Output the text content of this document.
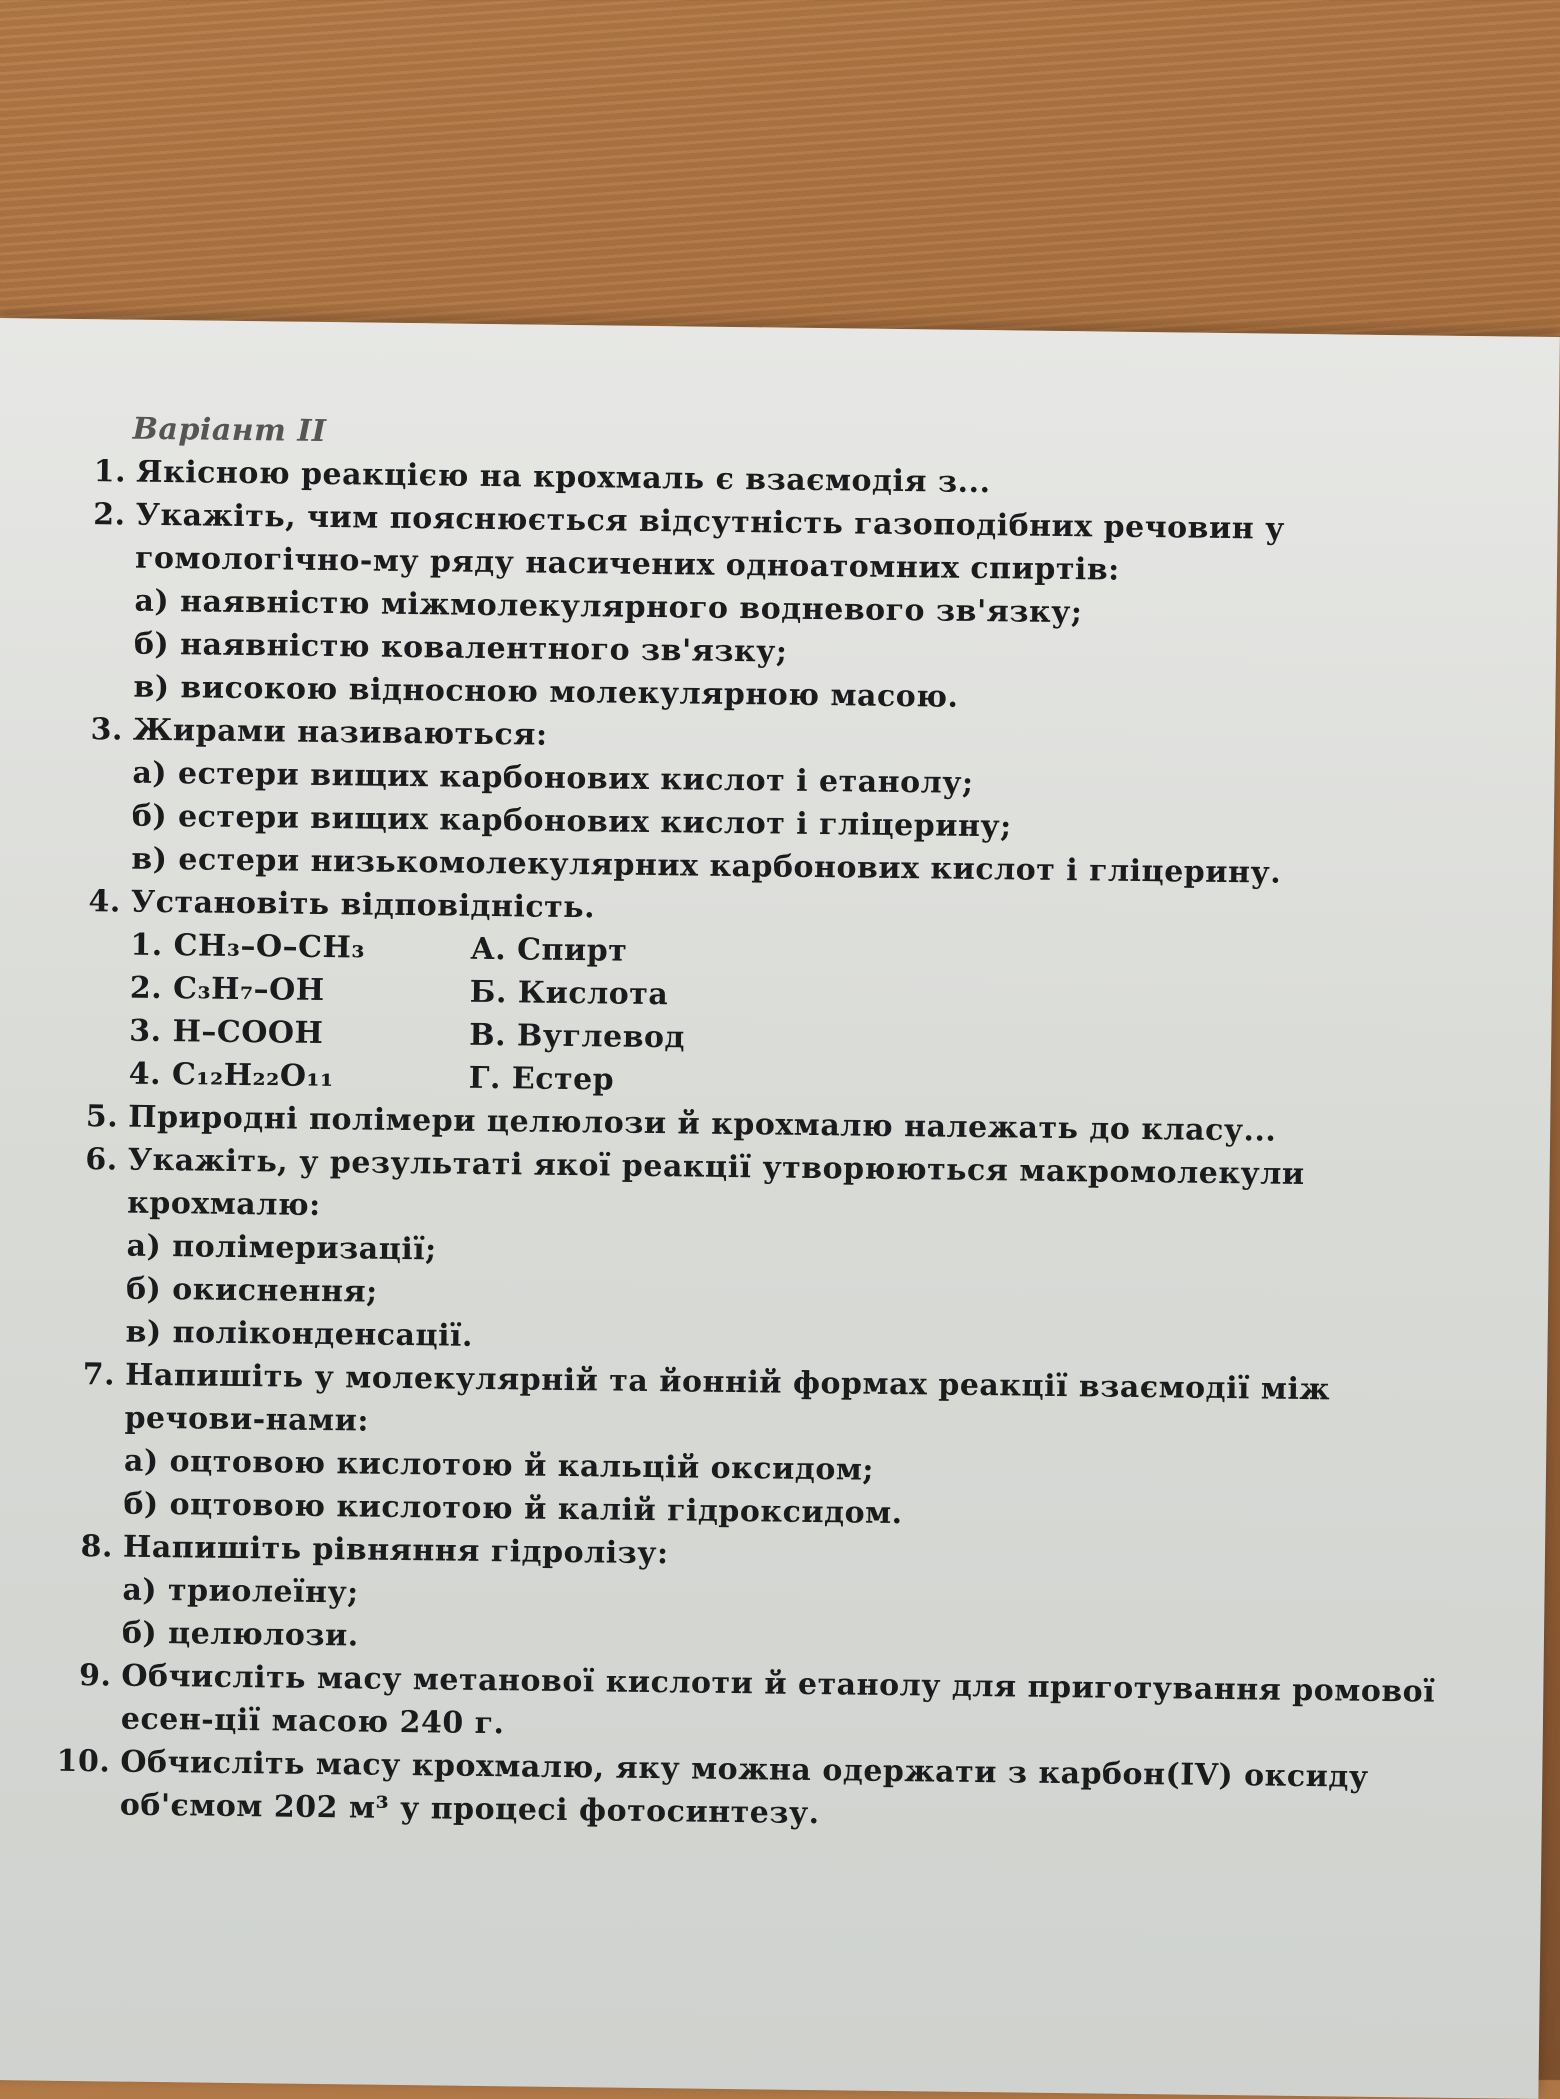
Варіант II
1. Якісною реакцією на крохмаль є взаємодія з...
2. Укажіть, чим пояснюється відсутність газоподібних речовин у гомологічно-му ряду насичених одноатомних спиртів:
а) наявністю міжмолекулярного водневого зв'язку;
б) наявністю ковалентного зв'язку;
в) високою відносною молекулярною масою.
3. Жирами називаються:
а) естери вищих карбонових кислот і етанолу;
б) естери вищих карбонових кислот і гліцерину;
в) естери низькомолекулярних карбонових кислот і гліцерину.
4. Установіть відповідність.
1. CH₃–O–CH₃	А. Спирт
2. C₃H₇–OH	Б. Кислота
3. H–COOH	В. Вуглевод
4. C₁₂H₂₂O₁₁	Г. Естер
5. Природні полімери целюлози й крохмалю належать до класу...
6. Укажіть, у результаті якої реакції утворюються макромолекули крохмалю:
а) полімеризації;
б) окиснення;
в) поліконденсації.
7. Напишіть у молекулярній та йонній формах реакції взаємодії між речови-нами:
а) оцтовою кислотою й кальцій оксидом;
б) оцтовою кислотою й калій гідроксидом.
8. Напишіть рівняння гідролізу:
а) триолеїну;
б) целюлози.
9. Обчисліть масу метанової кислоти й етанолу для приготування ромової есен-ції масою 240 г.
10. Обчисліть масу крохмалю, яку можна одержати з карбон(IV) оксиду об'ємом 202 м³ у процесі фотосинтезу.
